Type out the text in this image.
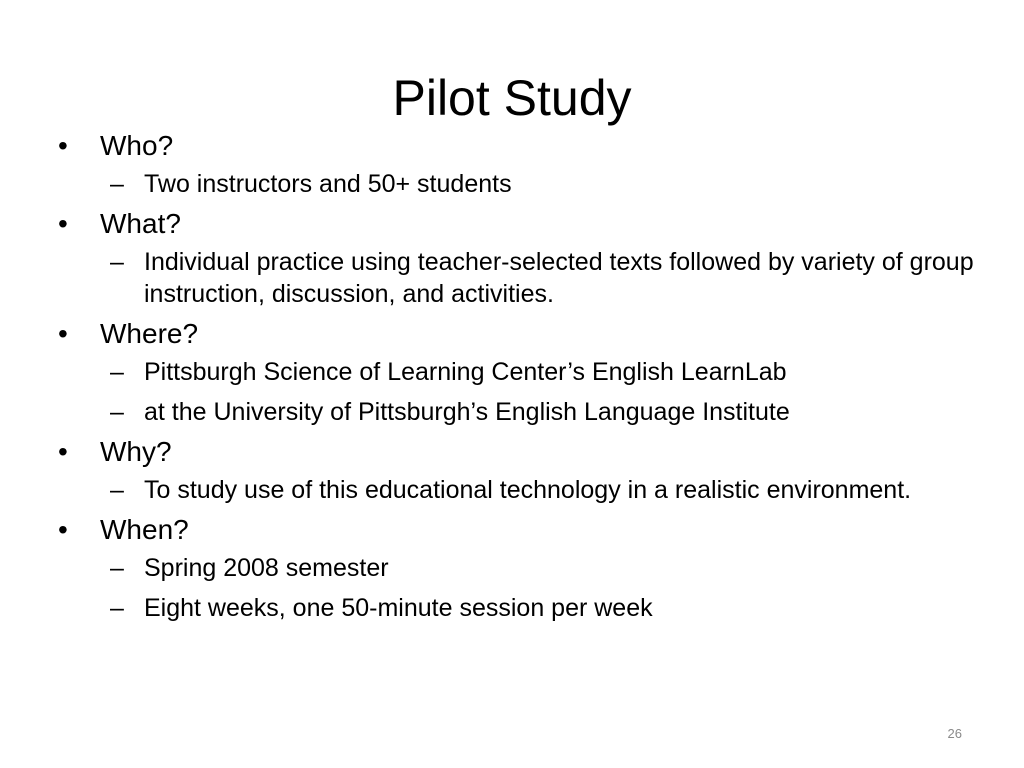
Pilot Study
• Who?
– Two instructors and 50+ students
• What?
– Individual practice using teacher-selected texts followed by variety of group instruction, discussion, and activities.
• Where?
– Pittsburgh Science of Learning Center’s English LearnLab
– at the University of Pittsburgh’s English Language Institute
• Why?
– To study use of this educational technology in a realistic environment.
• When?
– Spring 2008 semester
– Eight weeks, one 50-minute session per week
26
